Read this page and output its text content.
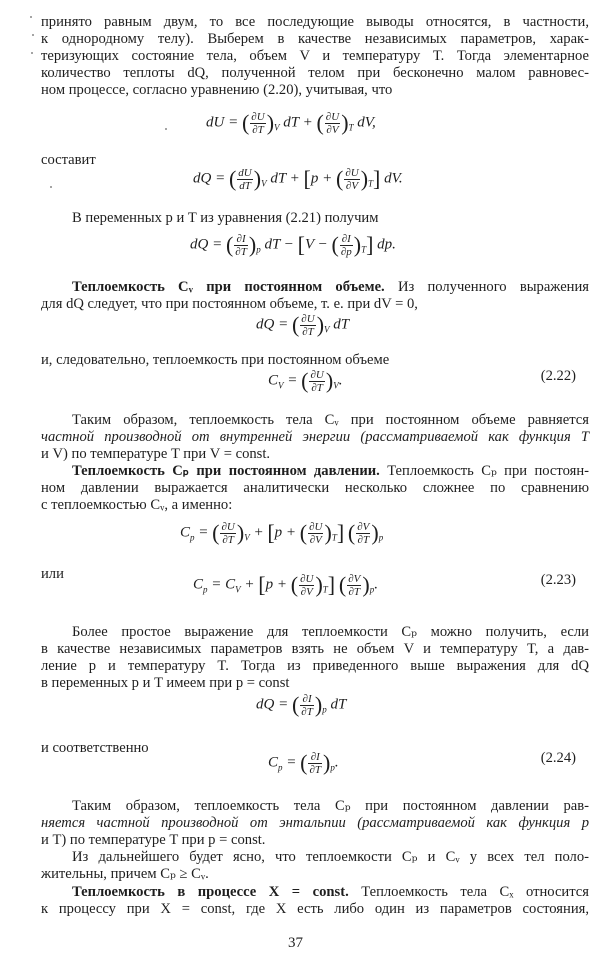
принято равным двум, то все последующие выводы относятся, в частности,
к однородному телу). Выберем в качестве независимых параметров, харак-
теризующих состояние тела, объем V и температуру T. Тогда элементарное
количество теплоты dQ, полученной телом при бесконечно малом равновес-
ном процессе, согласно уравнению (2.20), учитывая, что
dU = ( $\frac{\partial U}{\partial T} )_V$ dT + ( $\frac{\partial U}{\partial V} )_T$ dV,
составит
dQ = ( $\frac{dU}{dT} )_V$ dT + [p + ( $\frac{\partial U}{\partial V} )_T$] dV.
В переменных p и T из уравнения (2.21) получим
dQ = ( $\frac{\partial I}{\partial T} )_p$ dT − [V − ( $\frac{\partial I}{\partial p} )_T$] dp.
Теплоемкость Cᵥ при постоянном объеме. Из полученного выражения
для dQ следует, что при постоянном объеме, т. е. при dV = 0,
dQ = ( $\frac{\partial U}{\partial T} )_V$ dT
и, следовательно, теплоемкость при постоянном объеме
$C_V$ = ( $\frac{\partial U}{\partial T} )_V$.	(2.22)
Таким образом, теплоемкость тела Cᵥ при постоянном объеме равняется
частной производной от внутренней энергии (рассматриваемой как функция T
и V) по температуре T при V = const.
Теплоемкость Cₚ при постоянном давлении. Теплоемкость Cₚ при постоян-
ном давлении выражается аналитически несколько сложнее по сравнению
с теплоемкостью Cᵥ, а именно:
$C_p$ = ( $\frac{\partial U}{\partial T} )_V + [p$ + ( $\frac{\partial U}{\partial V} )_T$] ( $\frac{\partial V}{\partial T} )_p$
или
$C_p = C_V + [p$ + ( $\frac{\partial U}{\partial V} )_T$] ( $\frac{\partial V}{\partial T} )_p$.	(2.23)
Более простое выражение для теплоемкости Cₚ можно получить, если
в качестве независимых параметров взять не объем V и температуру T, а дав-
ление p и температуру T. Тогда из приведенного выше выражения для dQ
в переменных p и T имеем при p = const
dQ = ( $\frac{\partial I}{\partial T} )_p$ dT
и соответственно
$C_p$ = ( $\frac{\partial I}{\partial T} )_p$.	(2.24)
Таким образом, теплоемкость тела Cₚ при постоянном давлении рав-
няется частной производной от энтальпии (рассматриваемой как функция p
и T) по температуре T при p = const.
Из дальнейшего будет ясно, что теплоемкости Cₚ и Cᵥ у всех тел поло-
жительны, причем Cₚ ≥ Cᵥ.
Теплоемкость в процессе X = const. Теплоемкость тела Cₓ относится
к процессу при X = const, где X есть либо один из параметров состояния,
37
